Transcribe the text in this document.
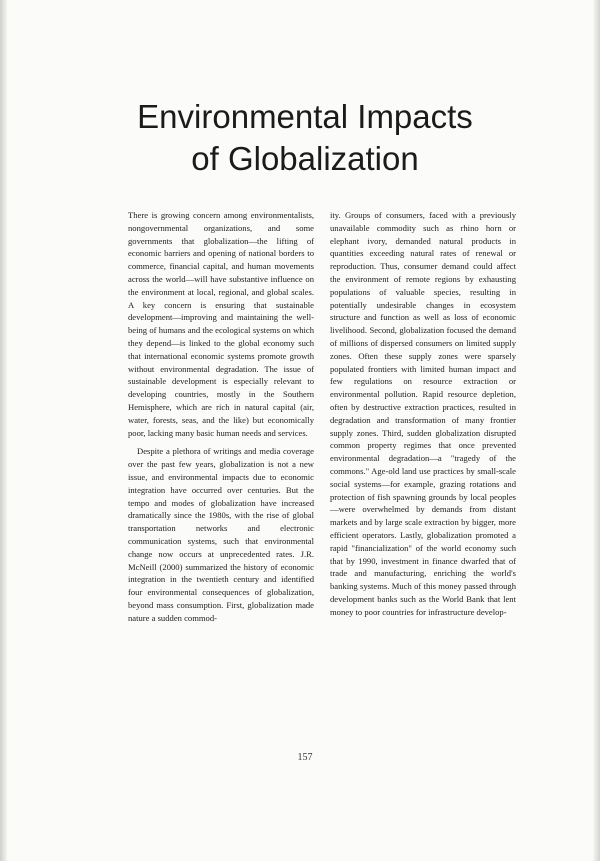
Environmental Impacts
of Globalization

There is growing concern among environmentalists, nongovernmental organizations, and some governments that globalization—the lifting of economic barriers and opening of national borders to commerce, financial capital, and human movements across the world—will have substantive influence on the environment at local, regional, and global scales. A key concern is ensuring that sustainable development—improving and maintaining the well-being of humans and the ecological systems on which they depend—is linked to the global economy such that international economic systems promote growth without environmental degradation. The issue of sustainable development is especially relevant to developing countries, mostly in the Southern Hemisphere, which are rich in natural capital (air, water, forests, seas, and the like) but economically poor, lacking many basic human needs and services.

Despite a plethora of writings and media coverage over the past few years, globalization is not a new issue, and environmental impacts due to economic integration have occurred over centuries. But the tempo and modes of globalization have increased dramatically since the 1980s, with the rise of global transportation networks and electronic communication systems, such that environmental change now occurs at unprecedented rates. J.R. McNeill (2000) summarized the history of economic integration in the twentieth century and identified four environmental consequences of globalization, beyond mass consumption. First, globalization made nature a sudden commod-

ity. Groups of consumers, faced with a previously unavailable commodity such as rhino horn or elephant ivory, demanded natural products in quantities exceeding natural rates of renewal or reproduction. Thus, consumer demand could affect the environment of remote regions by exhausting populations of valuable species, resulting in potentially undesirable changes in ecosystem structure and function as well as loss of economic livelihood. Second, globalization focused the demand of millions of dispersed consumers on limited supply zones. Often these supply zones were sparsely populated frontiers with limited human impact and few regulations on resource extraction or environmental pollution. Rapid resource depletion, often by destructive extraction practices, resulted in degradation and transformation of many frontier supply zones. Third, sudden globalization disrupted common property regimes that once prevented environmental degradation—a "tragedy of the commons." Age-old land use practices by small-scale social systems—for example, grazing rotations and protection of fish spawning grounds by local peoples—were overwhelmed by demands from distant markets and by large scale extraction by bigger, more efficient operators. Lastly, globalization promoted a rapid "financialization" of the world economy such that by 1990, investment in finance dwarfed that of trade and manufacturing, enriching the world's banking systems. Much of this money passed through development banks such as the World Bank that lent money to poor countries for infrastructure develop-

157
